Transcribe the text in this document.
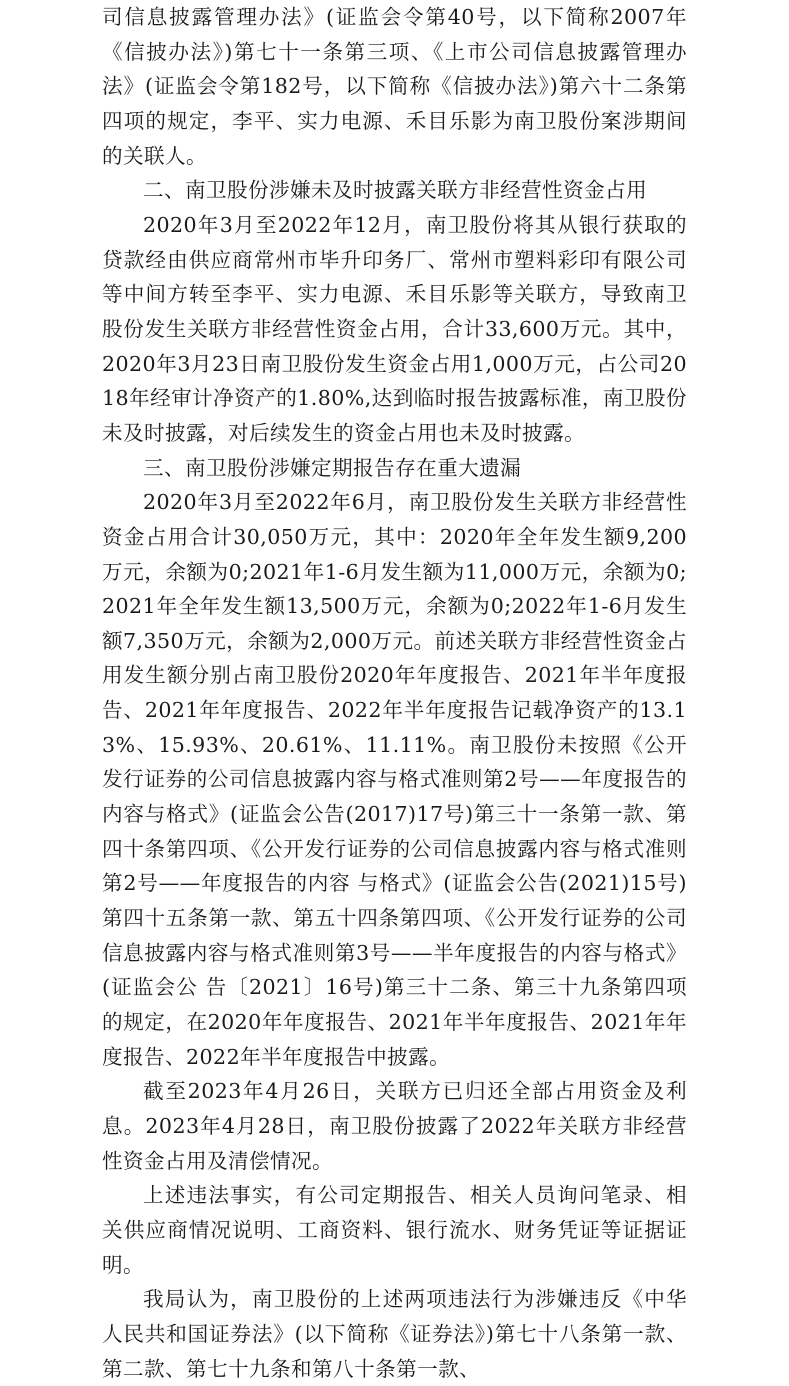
司信息披露管理办法》(证监会令第40号，以下简称2007年《信披办法》)第七十一条第三项、《上市公司信息披露管理办法》(证监会令第182号，以下简称《信披办法》)第六十二条第四项的规定，李平、实力电源、禾目乐影为南卫股份案涉期间的关联人。

二、南卫股份涉嫌未及时披露关联方非经营性资金占用

2020年3月至2022年12月，南卫股份将其从银行获取的贷款经由供应商常州市毕升印务厂、常州市塑料彩印有限公司等中间方转至李平、实力电源、禾目乐影等关联方，导致南卫股份发生关联方非经营性资金占用，合计33,600万元。其中，2020年3月23日南卫股份发生资金占用1,000万元，占公司2018年经审计净资产的1.80%,达到临时报告披露标准，南卫股份未及时披露，对后续发生的资金占用也未及时披露。

三、南卫股份涉嫌定期报告存在重大遗漏

2020年3月至2022年6月，南卫股份发生关联方非经营性资金占用合计30,050万元，其中：2020年全年发生额9,200万元，余额为0;2021年1-6月发生额为11,000万元，余额为0;2021年全年发生额13,500万元，余额为0;2022年1-6月发生额7,350万元，余额为2,000万元。前述关联方非经营性资金占用发生额分别占南卫股份2020年年度报告、2021年半年度报告、2021年年度报告、2022年半年度报告记载净资产的13.13%、15.93%、20.61%、11.11%。南卫股份未按照《公开发行证券的公司信息披露内容与格式准则第2号——年度报告的内容与格式》(证监会公告(2017)17号)第三十一条第一款、第四十条第四项、《公开发行证券的公司信息披露内容与格式准则第2号——年度报告的内容 与格式》(证监会公告(2021)15号)第四十五条第一款、第五十四条第四项、《公开发行证券的公司信息披露内容与格式准则第3号——半年度报告的内容与格式》(证监会公 告〔2021〕16号)第三十二条、第三十九条第四项的规定，在2020年年度报告、2021年半年度报告、2021年年度报告、2022年半年度报告中披露。

截至2023年4月26日，关联方已归还全部占用资金及利息。2023年4月28日，南卫股份披露了2022年关联方非经营性资金占用及清偿情况。

上述违法事实，有公司定期报告、相关人员询问笔录、相关供应商情况说明、工商资料、银行流水、财务凭证等证据证明。

我局认为，南卫股份的上述两项违法行为涉嫌违反《中华人民共和国证券法》(以下简称《证券法》)第七十八条第一款、第二款、第七十九条和第八十条第一款、
